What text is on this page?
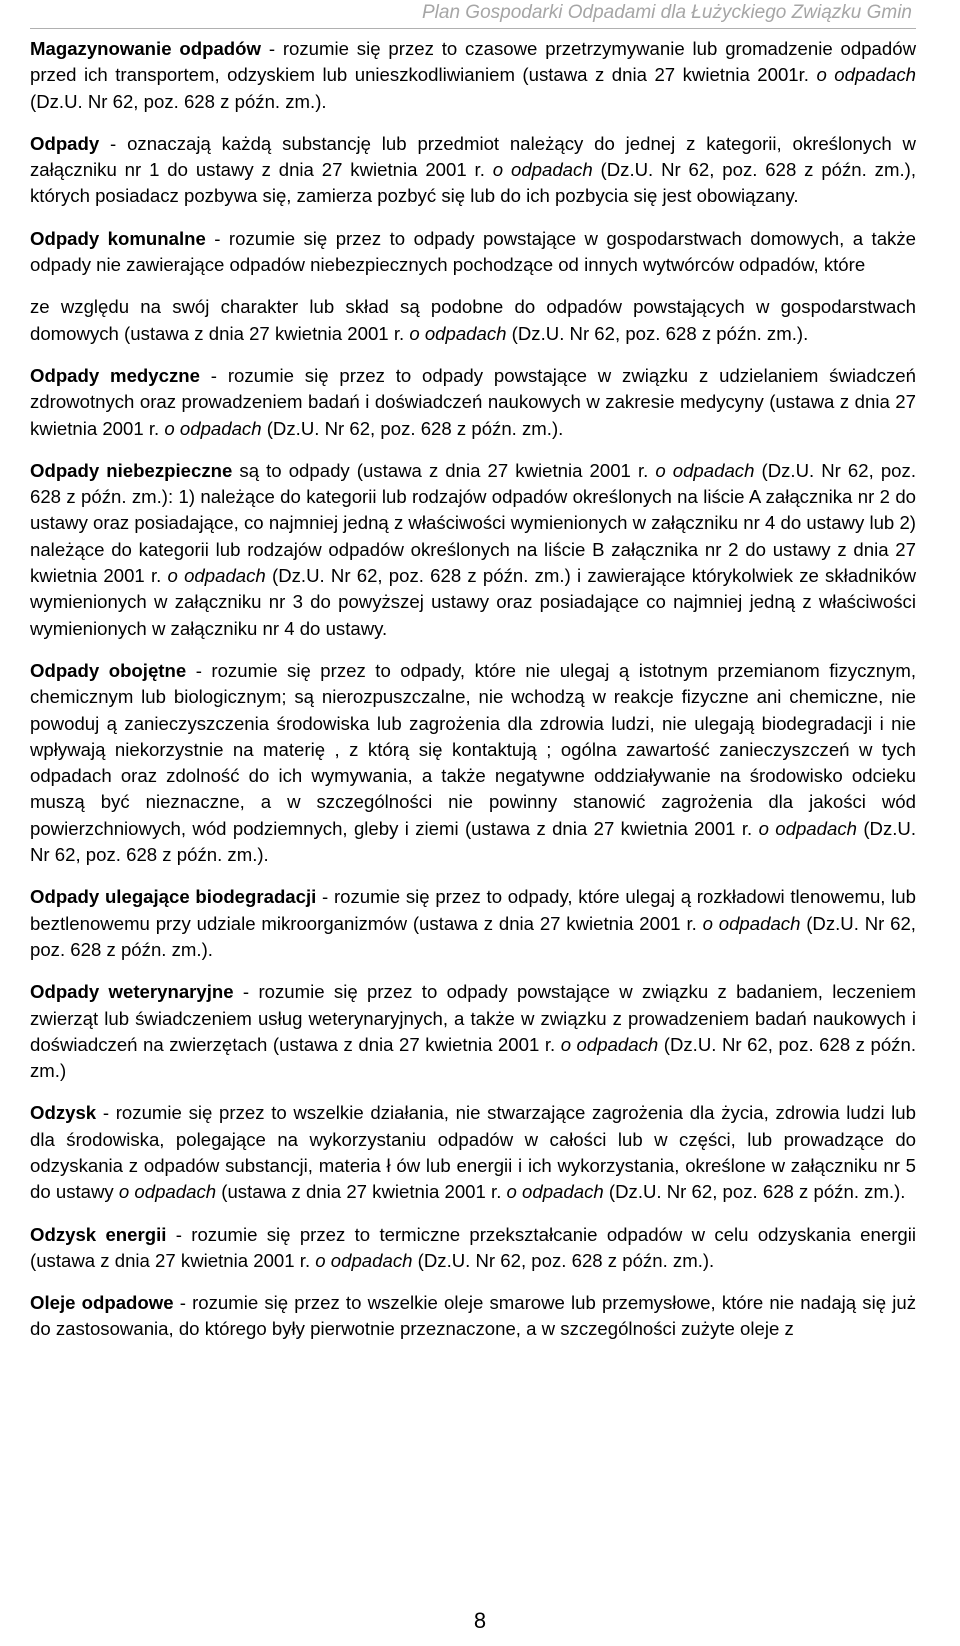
Plan Gospodarki Odpadami dla Łużyckiego Związku Gmin

Magazynowanie odpadów - rozumie się przez to czasowe przetrzymywanie lub gromadzenie odpadów przed ich transportem, odzyskiem lub unieszkodliwianiem (ustawa z dnia 27 kwietnia 2001r. o odpadach (Dz.U. Nr 62, poz. 628 z późn. zm.).

Odpady - oznaczają każdą substancję lub przedmiot należący do jednej z kategorii, określonych w załączniku nr 1 do ustawy z dnia 27 kwietnia 2001 r. o odpadach (Dz.U. Nr 62, poz. 628 z późn. zm.), których posiadacz pozbywa się, zamierza pozbyć się lub do ich pozbycia się jest obowiązany.

Odpady komunalne - rozumie się przez to odpady powstające w gospodarstwach domowych, a także odpady nie zawierające odpadów niebezpiecznych pochodzące od innych wytwórców odpadów, które

ze względu na swój charakter lub skład są podobne do odpadów powstających w gospodarstwach domowych (ustawa z dnia 27 kwietnia 2001 r. o odpadach (Dz.U. Nr 62, poz. 628 z późn. zm.).

Odpady medyczne - rozumie się przez to odpady powstające w związku z udzielaniem świadczeń zdrowotnych oraz prowadzeniem badań i doświadczeń naukowych w zakresie medycyny (ustawa z dnia 27 kwietnia 2001 r. o odpadach (Dz.U. Nr 62, poz. 628 z późn. zm.).

Odpady niebezpieczne są to odpady (ustawa z dnia 27 kwietnia 2001 r. o odpadach (Dz.U. Nr 62, poz. 628 z późn. zm.): 1) należące do kategorii lub rodzajów odpadów określonych na liście A załącznika nr 2 do ustawy oraz posiadające, co najmniej jedną z właściwości wymienionych w załączniku nr 4 do ustawy lub 2) należące do kategorii lub rodzajów odpadów określonych na liście B załącznika nr 2 do ustawy z dnia 27 kwietnia 2001 r. o odpadach (Dz.U. Nr 62, poz. 628 z późn. zm.) i zawierające którykolwiek ze składników wymienionych w załączniku nr 3 do powyższej ustawy oraz posiadające co najmniej jedną z właściwości wymienionych w załączniku nr 4 do ustawy.

Odpady obojętne - rozumie się przez to odpady, które nie ulegaj ą istotnym przemianom fizycznym, chemicznym lub biologicznym; są nierozpuszczalne, nie wchodzą w reakcje fizyczne ani chemiczne, nie powoduj ą zanieczyszczenia środowiska lub zagrożenia dla zdrowia ludzi, nie ulegają biodegradacji i nie wpływają niekorzystnie na materię , z którą się kontaktują ; ogólna zawartość zanieczyszczeń w tych odpadach oraz zdolność do ich wymywania, a także negatywne oddziaływanie na środowisko odcieku muszą być nieznaczne, a w szczególności nie powinny stanowić zagrożenia dla jakości wód powierzchniowych, wód podziemnych, gleby i ziemi (ustawa z dnia 27 kwietnia 2001 r. o odpadach (Dz.U. Nr 62, poz. 628 z późn. zm.).

Odpady ulegające biodegradacji - rozumie się przez to odpady, które ulegaj ą rozkładowi tlenowemu, lub beztlenowemu przy udziale mikroorganizmów (ustawa z dnia 27 kwietnia 2001 r. o odpadach (Dz.U. Nr 62, poz. 628 z późn. zm.).

Odpady weterynaryjne - rozumie się przez to odpady powstające w związku z badaniem, leczeniem zwierząt lub świadczeniem usług weterynaryjnych, a także w związku z prowadzeniem badań naukowych i doświadczeń na zwierzętach (ustawa z dnia 27 kwietnia 2001 r. o odpadach (Dz.U. Nr 62, poz. 628 z późn. zm.)

Odzysk - rozumie się przez to wszelkie działania, nie stwarzające zagrożenia dla życia, zdrowia ludzi lub dla środowiska, polegające na wykorzystaniu odpadów w całości lub w części, lub prowadzące do odzyskania z odpadów substancji, materia ł ów lub energii i ich wykorzystania, określone w załączniku nr 5 do ustawy o odpadach (ustawa z dnia 27 kwietnia 2001 r. o odpadach (Dz.U. Nr 62, poz. 628 z późn. zm.).

Odzysk energii - rozumie się przez to termiczne przekształcanie odpadów w celu odzyskania energii (ustawa z dnia 27 kwietnia 2001 r. o odpadach (Dz.U. Nr 62, poz. 628 z późn. zm.).

Oleje odpadowe - rozumie się przez to wszelkie oleje smarowe lub przemysłowe, które nie nadają się już do zastosowania, do którego były pierwotnie przeznaczone, a w szczególności zużyte oleje z

8
